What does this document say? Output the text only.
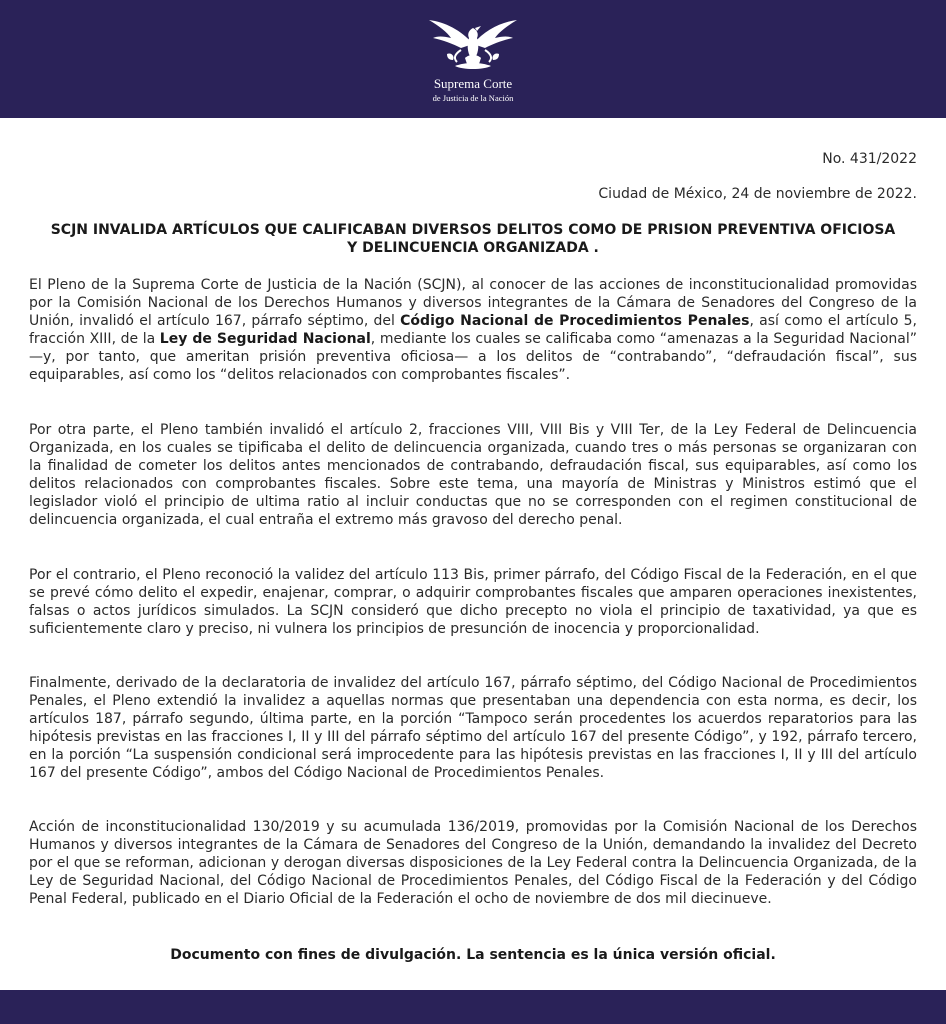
Suprema Corte
de Justicia de la Nación
No. 431/2022
Ciudad de México, 24 de noviembre de 2022.
SCJN INVALIDA ARTÍCULOS QUE CALIFICABAN DIVERSOS DELITOS COMO DE PRISION PREVENTIVA OFICIOSA Y DELINCUENCIA ORGANIZADA .

El Pleno de la Suprema Corte de Justicia de la Nación (SCJN), al conocer de las acciones de inconstitucionalidad promovidas por la Comisión Nacional de los Derechos Humanos y diversos integrantes de la Cámara de Senadores del Congreso de la Unión, invalidó el artículo 167, párrafo séptimo, del Código Nacional de Procedimientos Penales, así como el artículo 5, fracción XIII, de la Ley de Seguridad Nacional, mediante los cuales se calificaba como “amenazas a la Seguridad Nacional” —y, por tanto, que ameritan prisión preventiva oficiosa— a los delitos de “contrabando”, “defraudación fiscal”, sus equiparables, así como los “delitos relacionados con comprobantes fiscales”.

Por otra parte, el Pleno también invalidó el artículo 2, fracciones VIII, VIII Bis y VIII Ter, de la Ley Federal de Delincuencia Organizada, en los cuales se tipificaba el delito de delincuencia organizada, cuando tres o más personas se organizaran con la finalidad de cometer los delitos antes mencionados de contrabando, defraudación fiscal, sus equiparables, así como los delitos relacionados con comprobantes fiscales. Sobre este tema, una mayoría de Ministras y Ministros estimó que el legislador violó el principio de ultima ratio al incluir conductas que no se corresponden con el regimen constitucional de delincuencia organizada, el cual entraña el extremo más gravoso del derecho penal.

Por el contrario, el Pleno reconoció la validez del artículo 113 Bis, primer párrafo, del Código Fiscal de la Federación, en el que se prevé cómo delito el expedir, enajenar, comprar, o adquirir comprobantes fiscales que amparen operaciones inexistentes, falsas o actos jurídicos simulados. La SCJN consideró que dicho precepto no viola el principio de taxatividad, ya que es suficientemente claro y preciso, ni vulnera los principios de presunción de inocencia y proporcionalidad.

Finalmente, derivado de la declaratoria de invalidez del artículo 167, párrafo séptimo, del Código Nacional de Procedimientos Penales, el Pleno extendió la invalidez a aquellas normas que presentaban una dependencia con esta norma, es decir, los artículos 187, párrafo segundo, última parte, en la porción “Tampoco serán procedentes los acuerdos reparatorios para las hipótesis previstas en las fracciones I, II y III del párrafo séptimo del artículo 167 del presente Código”, y 192, párrafo tercero, en la porción “La suspensión condicional será improcedente para las hipótesis previstas en las fracciones I, II y III del artículo 167 del presente Código”, ambos del Código Nacional de Procedimientos Penales.

Acción de inconstitucionalidad 130/2019 y su acumulada 136/2019, promovidas por la Comisión Nacional de los Derechos Humanos y diversos integrantes de la Cámara de Senadores del Congreso de la Unión, demandando la invalidez del Decreto por el que se reforman, adicionan y derogan diversas disposiciones de la Ley Federal contra la Delincuencia Organizada, de la Ley de Seguridad Nacional, del Código Nacional de Procedimientos Penales, del Código Fiscal de la Federación y del Código Penal Federal, publicado en el Diario Oficial de la Federación el ocho de noviembre de dos mil diecinueve.

Documento con fines de divulgación. La sentencia es la única versión oficial.
